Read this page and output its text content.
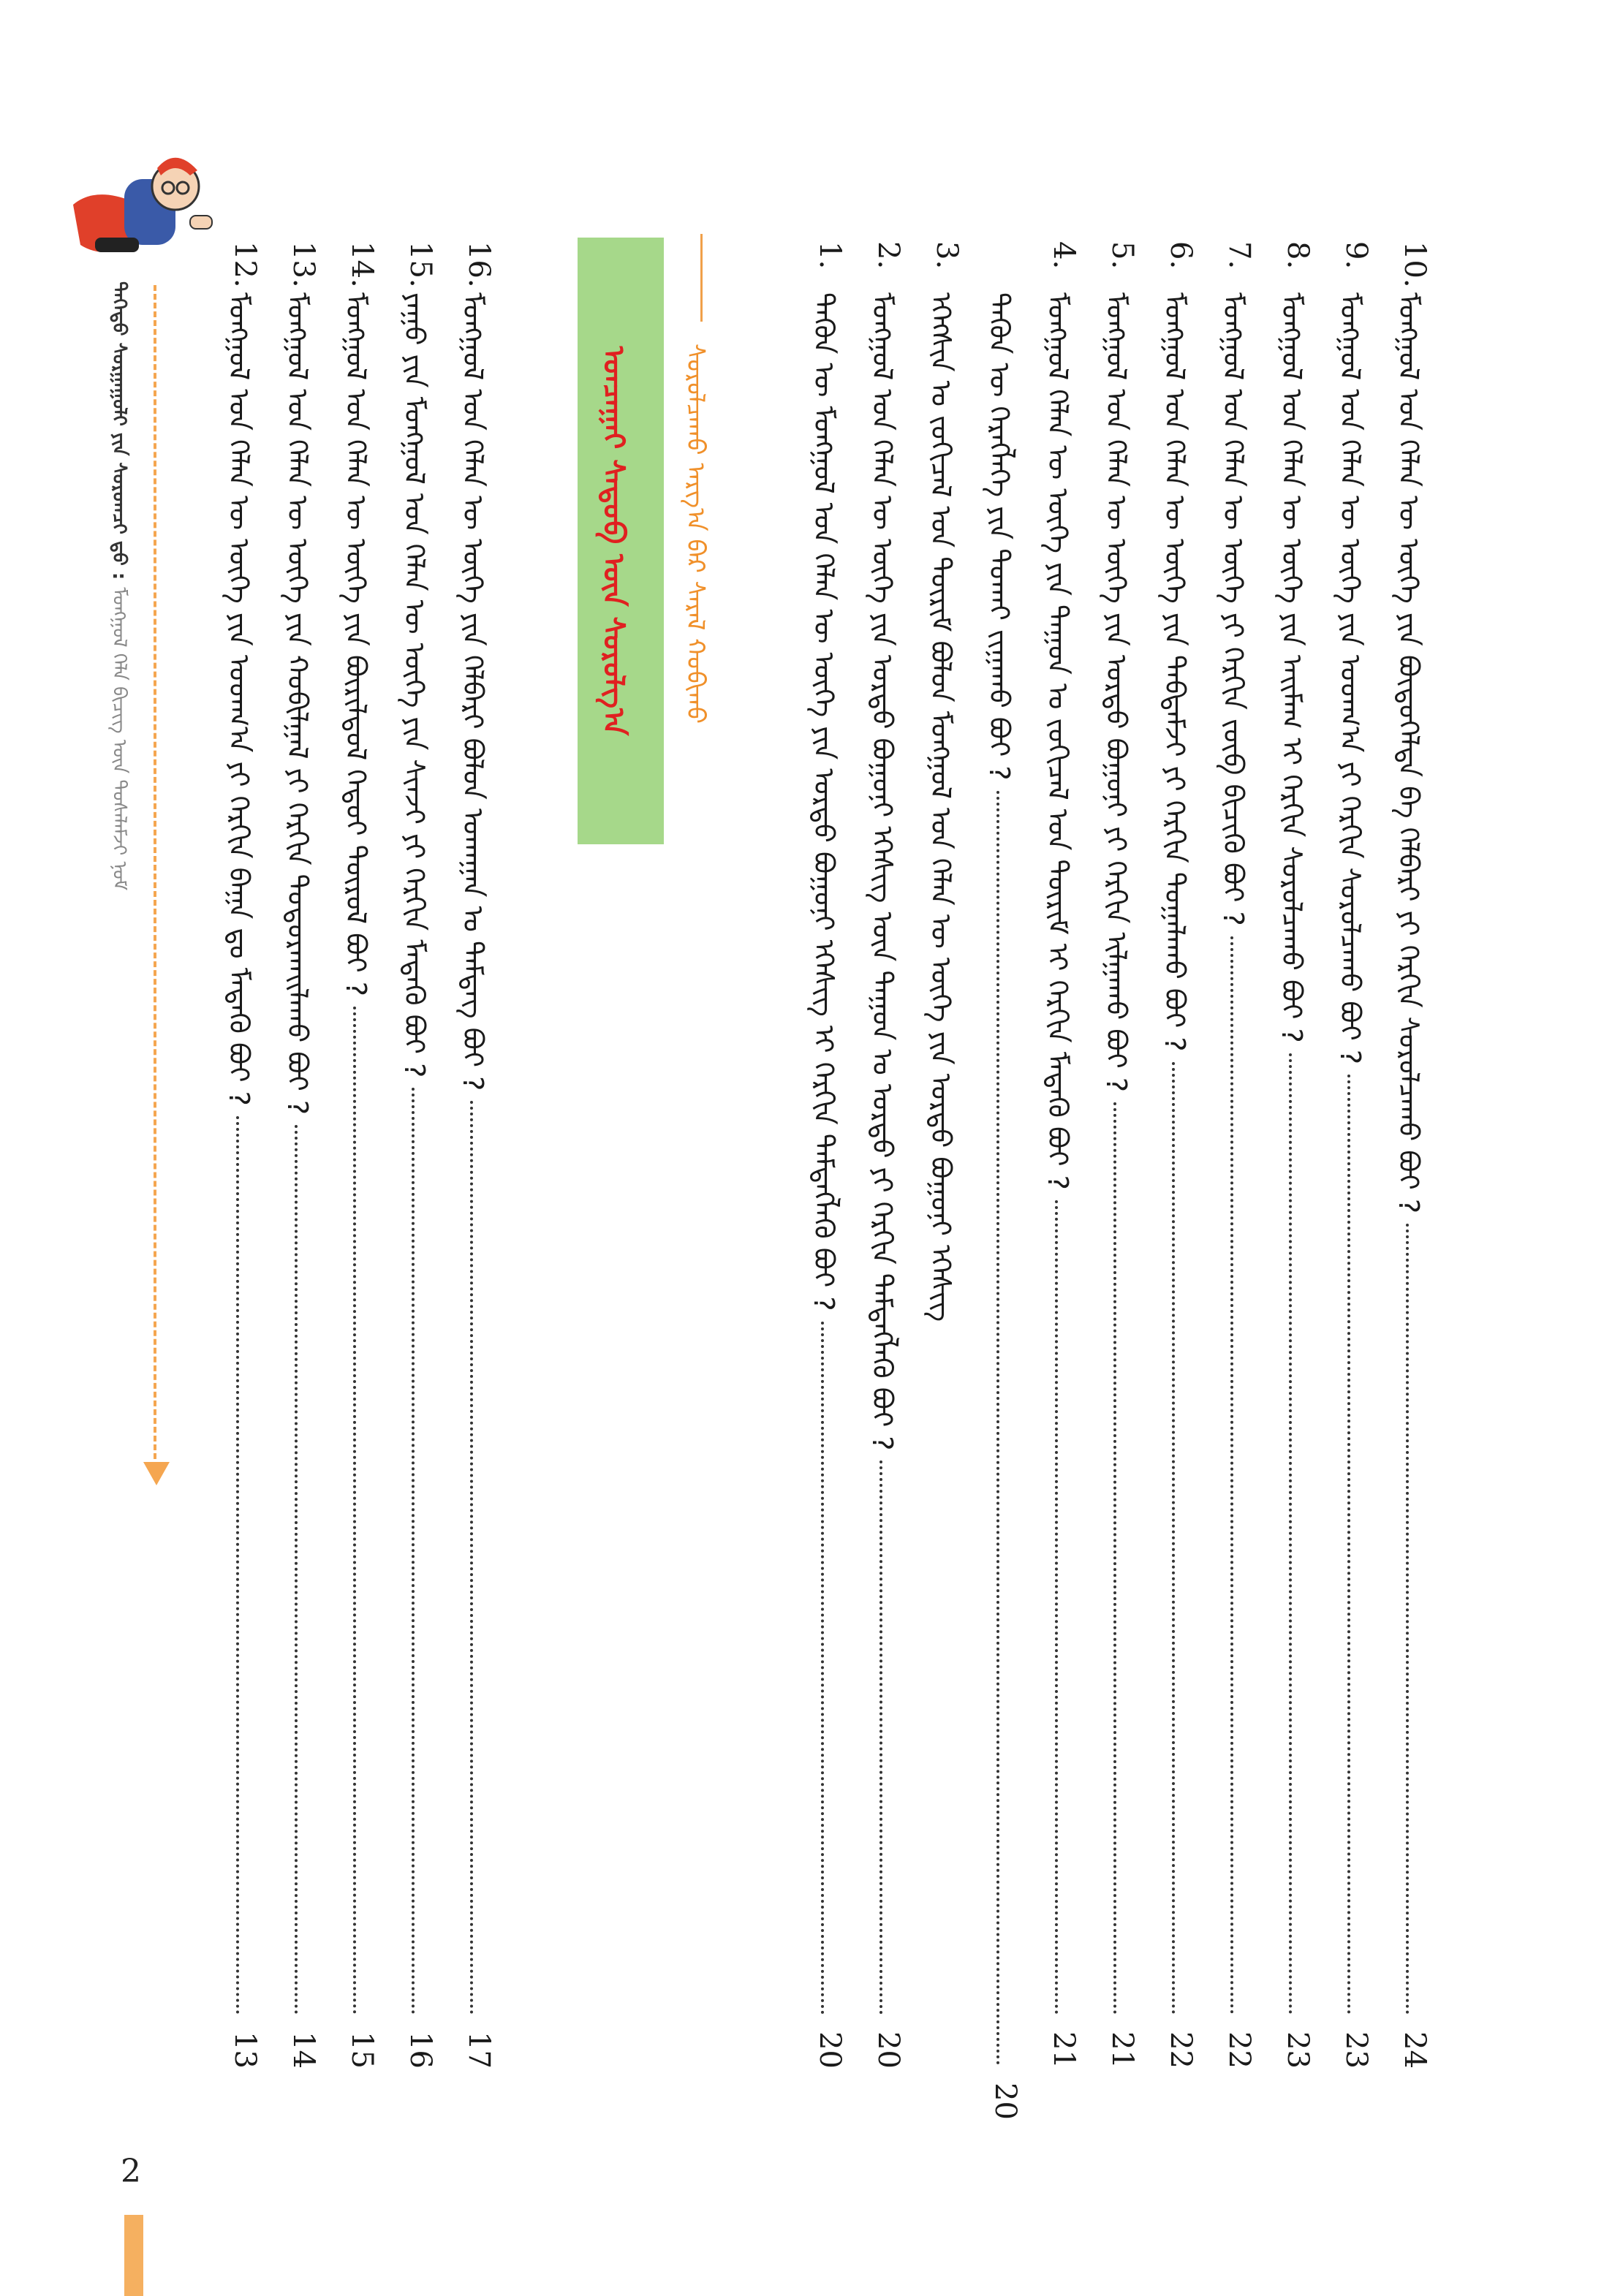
ᠳᠡᠭᠡᠳᠦ ᠰᠤᠷᠭᠠᠭᠤᠯᠢ ᠶᠢᠨ ᠰᠤᠷᠤᠭᠴᠢ ᠳ᠋ᠤ :
ᠮᠣᠩᠭᠣᠯ ᠬᠡᠯᠡ ᠪᠢᠴᠢᠭ ᠦᠨ ᠲᠤᠰᠠᠯᠠᠮᠵᠢ ᠨᠣᠮ
ᠣᠨᠴᠠᠭᠠᠢ ᠰᠡᠳᠦᠪ ᠦᠨ ᠰᠤᠷᠤᠯᠭ᠎ᠠ	ᠰᠤᠷᠤᠯᠴᠠᠬᠤ ᠠᠷᠭ᠎ᠠ ᠪᠠᠷ ᠰᠠᠷᠠᠯ ᠬᠤᠪᠢᠬᠤ
10.
ᠮᠣᠩᠭᠣᠯ ᠤᠨ ᠬᠡᠯᠡᠨ ᠦ ᠦᠭᠡ ᠶᠢᠨ ᠪᠦᠲᠦᠭᠡᠯᠲᠡ ᠪᠠ ᠬᠡᠯᠪᠡᠷᠢ ᠶᠢ ᠬᠡᠷᠬᠢᠨ ᠰᠤᠷᠤᠯᠴᠠᠬᠤ ᠪᠤᠢ ?
24
9.
ᠮᠣᠩᠭᠣᠯ ᠤᠨ ᠬᠡᠯᠡᠨ ᠦ ᠦᠭᠡ ᠶᠢᠨ ᠤᠳᠬ᠎ᠠ ᠶᠢ ᠬᠡᠷᠬᠢᠨ ᠰᠤᠷᠤᠯᠴᠠᠬᠤ ᠪᠤᠢ ?
23
8.
ᠮᠣᠩᠭᠣᠯ ᠤᠨ ᠬᠡᠯᠡᠨ ᠦ ᠦᠭᠡ ᠶᠢᠨ ᠠᠢᠮᠠᠭ ᠢ ᠬᠡᠷᠬᠢᠨ ᠰᠤᠷᠤᠯᠴᠠᠬᠤ ᠪᠤᠢ ?
23
7.
ᠮᠣᠩᠭᠣᠯ ᠤᠨ ᠬᠡᠯᠡᠨ ᠦ ᠦᠭᠡ ᠶᠢ ᠬᠡᠷᠬᠢᠨ ᠵᠥᠪ ᠪᠢᠴᠢᠬᠦ ᠪᠤᠢ ?
22
6.
ᠮᠣᠩᠭᠣᠯ ᠤᠨ ᠬᠡᠯᠡᠨ ᠦ ᠦᠭᠡ ᠶᠢᠨ ᠳᠠᠪᠲᠠᠮᠵᠢ ᠶᠢ ᠬᠡᠷᠬᠢᠨ ᠲᠣᠭᠠᠯᠠᠬᠤ ᠪᠤᠢ ?
22
5.
ᠮᠣᠩᠭᠣᠯ ᠤᠨ ᠬᠡᠯᠡᠨ ᠦ ᠦᠭᠡ ᠶᠢᠨ ᠤᠷᠲᠤ ᠪᠣᠭᠣᠨᠢ ᠶᠢ ᠬᠡᠷᠬᠢᠨ ᠢᠯᠭᠠᠬᠤ ᠪᠤᠢ ?
21
4.
ᠮᠣᠩᠭᠣᠯ ᠬᠡᠯᠡᠨ ᠦ ᠦᠭᠡ ᠶᠢᠨ ᠳᠠᠭᠤᠨ ᠤ ᠵᠣᠬᠢᠴᠠᠯ ᠤᠨ ᠳᠦᠷᠢᠮ ᠢ ᠬᠡᠷᠬᠢᠨ ᠮᠡᠳᠡᠬᠦ ᠪᠤᠢ ?
21
ᠲᠡᠭᠦᠨ ᠦ ᠬᠡᠷᠡᠭᠯᠡᠭᠡ ᠶᠢᠨ ᠲᠤᠬᠠᠢ ᠵᠢᠭᠠᠬᠤ ᠪᠤᠢ ?
20
3.
ᠡᠭᠡᠭᠰᠢᠨ ᠤ ᠵᠣᠬᠢᠴᠠᠯ ᠤᠨ ᠳᠦᠷᠢᠮ ᠪᠣᠯᠤᠨ ᠮᠣᠩᠭᠣᠯ ᠤᠨ ᠬᠡᠯᠡᠨ ᠦ ᠦᠭᠡ ᠶᠢᠨ ᠤᠷᠲᠤ ᠪᠣᠭᠣᠨᠢ ᠡᠭᠡᠰᠢᠭ
2.
ᠮᠣᠩᠭᠣᠯ ᠤᠨ ᠬᠡᠯᠡᠨ ᠦ ᠦᠭᠡ ᠶᠢᠨ ᠤᠷᠲᠤ ᠪᠣᠭᠣᠨᠢ ᠡᠭᠡᠰᠢᠭ ᠦᠨ ᠳᠠᠭᠤᠨ ᠤ ᠤᠷᠲᠤ ᠶᠢ ᠬᠡᠷᠬᠢᠨ ᠲᠡᠮᠳᠡᠭᠯᠡᠬᠦ ᠪᠤᠢ ?
20
1.
ᠲᠡᠭᠦᠨ ᠦ ᠮᠣᠩᠭᠣᠯ ᠤᠨ ᠬᠡᠯᠡᠨ ᠦ ᠦᠭᠡ ᠶᠢᠨ ᠤᠷᠲᠤ ᠪᠣᠭᠣᠨᠢ ᠡᠭᠡᠰᠢᠭ ᠢ ᠬᠡᠷᠬᠢᠨ ᠲᠡᠮᠳᠡᠭᠯᠡᠬᠦ ᠪᠤᠢ ?
20
16.
ᠮᠣᠩᠭᠣᠯ ᠤᠨ ᠬᠡᠯᠡᠨ ᠦ ᠦᠭᠡ ᠶᠢᠨ ᠬᠡᠯᠪᠡᠷᠢ ᠪᠣᠯᠤᠨ ᠤᠬᠠᠭᠠᠨ ᠤ ᠲᠡᠮᠳᠡᠭ ᠪᠤᠢ ?
17
15.
ᠶᠠᠭᠤ ᠶᠢᠨ ᠮᠣᠩᠭᠣᠯ ᠤᠨ ᠬᠡᠯᠡᠨ ᠦ ᠦᠭᠡ ᠶᠢᠨ ᠰᠢᠨᠵᠢ ᠶᠢ ᠬᠡᠷᠬᠢᠨ ᠮᠡᠳᠡᠬᠦ ᠪᠤᠢ ?
16
14.
ᠮᠣᠩᠭᠣᠯ ᠤᠨ ᠬᠡᠯᠡᠨ ᠦ ᠦᠭᠡ ᠶᠢᠨ ᠪᠦᠷᠢᠯᠳᠦᠯ ᠬᠡᠳᠦᠢ ᠲᠦᠷᠦᠯ ᠪᠤᠢ ?
15
13.
ᠮᠣᠩᠭᠣᠯ ᠤᠨ ᠬᠡᠯᠡᠨ ᠦ ᠦᠭᠡ ᠶᠢᠨ ᠬᠤᠪᠢᠯᠭᠠᠯ ᠶᠢ ᠬᠡᠷᠬᠢᠨ ᠲᠣᠳᠤᠷᠬᠠᠢᠯᠠᠬᠤ ᠪᠤᠢ ?
14
12.
ᠮᠣᠩᠭᠣᠯ ᠤᠨ ᠬᠡᠯᠡᠨ ᠦ ᠦᠭᠡ ᠶᠢᠨ ᠤᠳᠬ᠎ᠠ ᠶᠢ ᠬᠡᠷᠬᠢᠨ ᠪᠠᠭᠠ ᠳᠤ ᠮᠡᠳᠡᠬᠦ ᠪᠤᠢ ?
13
2
